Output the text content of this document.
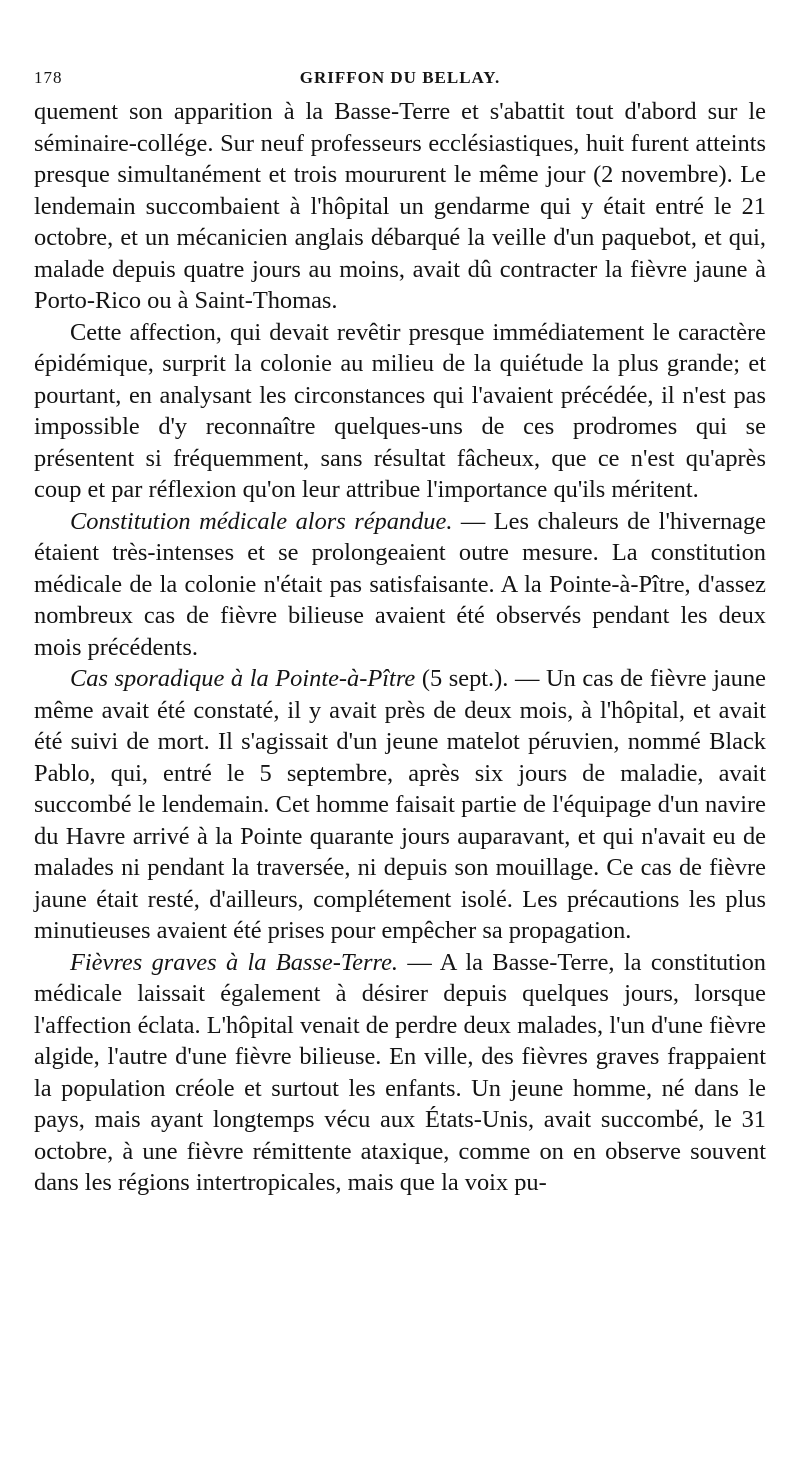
178	GRIFFON DU BELLAY.

quement son apparition à la Basse-Terre et s'abattit tout d'abord sur le séminaire-collége. Sur neuf professeurs ecclésiastiques, huit furent atteints presque simultanément et trois moururent le même jour (2 novembre). Le lendemain succombaient à l'hôpital un gendarme qui y était entré le 21 octobre, et un mécanicien anglais débarqué la veille d'un paquebot, et qui, malade depuis quatre jours au moins, avait dû contracter la fièvre jaune à Porto-Rico ou à Saint-Thomas.

Cette affection, qui devait revêtir presque immédiatement le caractère épidémique, surprit la colonie au milieu de la quiétude la plus grande; et pourtant, en analysant les circonstances qui l'avaient précédée, il n'est pas impossible d'y reconnaître quelques-uns de ces prodromes qui se présentent si fréquemment, sans résultat fâcheux, que ce n'est qu'après coup et par réflexion qu'on leur attribue l'importance qu'ils méritent.

Constitution médicale alors répandue. — Les chaleurs de l'hivernage étaient très-intenses et se prolongeaient outre mesure. La constitution médicale de la colonie n'était pas satisfaisante. A la Pointe-à-Pître, d'assez nombreux cas de fièvre bilieuse avaient été observés pendant les deux mois précédents.

Cas sporadique à la Pointe-à-Pître (5 sept.). — Un cas de fièvre jaune même avait été constaté, il y avait près de deux mois, à l'hôpital, et avait été suivi de mort. Il s'agissait d'un jeune matelot péruvien, nommé Black Pablo, qui, entré le 5 septembre, après six jours de maladie, avait succombé le lendemain. Cet homme faisait partie de l'équipage d'un navire du Havre arrivé à la Pointe quarante jours auparavant, et qui n'avait eu de malades ni pendant la traversée, ni depuis son mouillage. Ce cas de fièvre jaune était resté, d'ailleurs, complétement isolé. Les précautions les plus minutieuses avaient été prises pour empêcher sa propagation.

Fièvres graves à la Basse-Terre. — A la Basse-Terre, la constitution médicale laissait également à désirer depuis quelques jours, lorsque l'affection éclata. L'hôpital venait de perdre deux malades, l'un d'une fièvre algide, l'autre d'une fièvre bilieuse. En ville, des fièvres graves frappaient la population créole et surtout les enfants. Un jeune homme, né dans le pays, mais ayant longtemps vécu aux États-Unis, avait succombé, le 31 octobre, à une fièvre rémittente ataxique, comme on en observe souvent dans les régions intertropicales, mais que la voix pu-
